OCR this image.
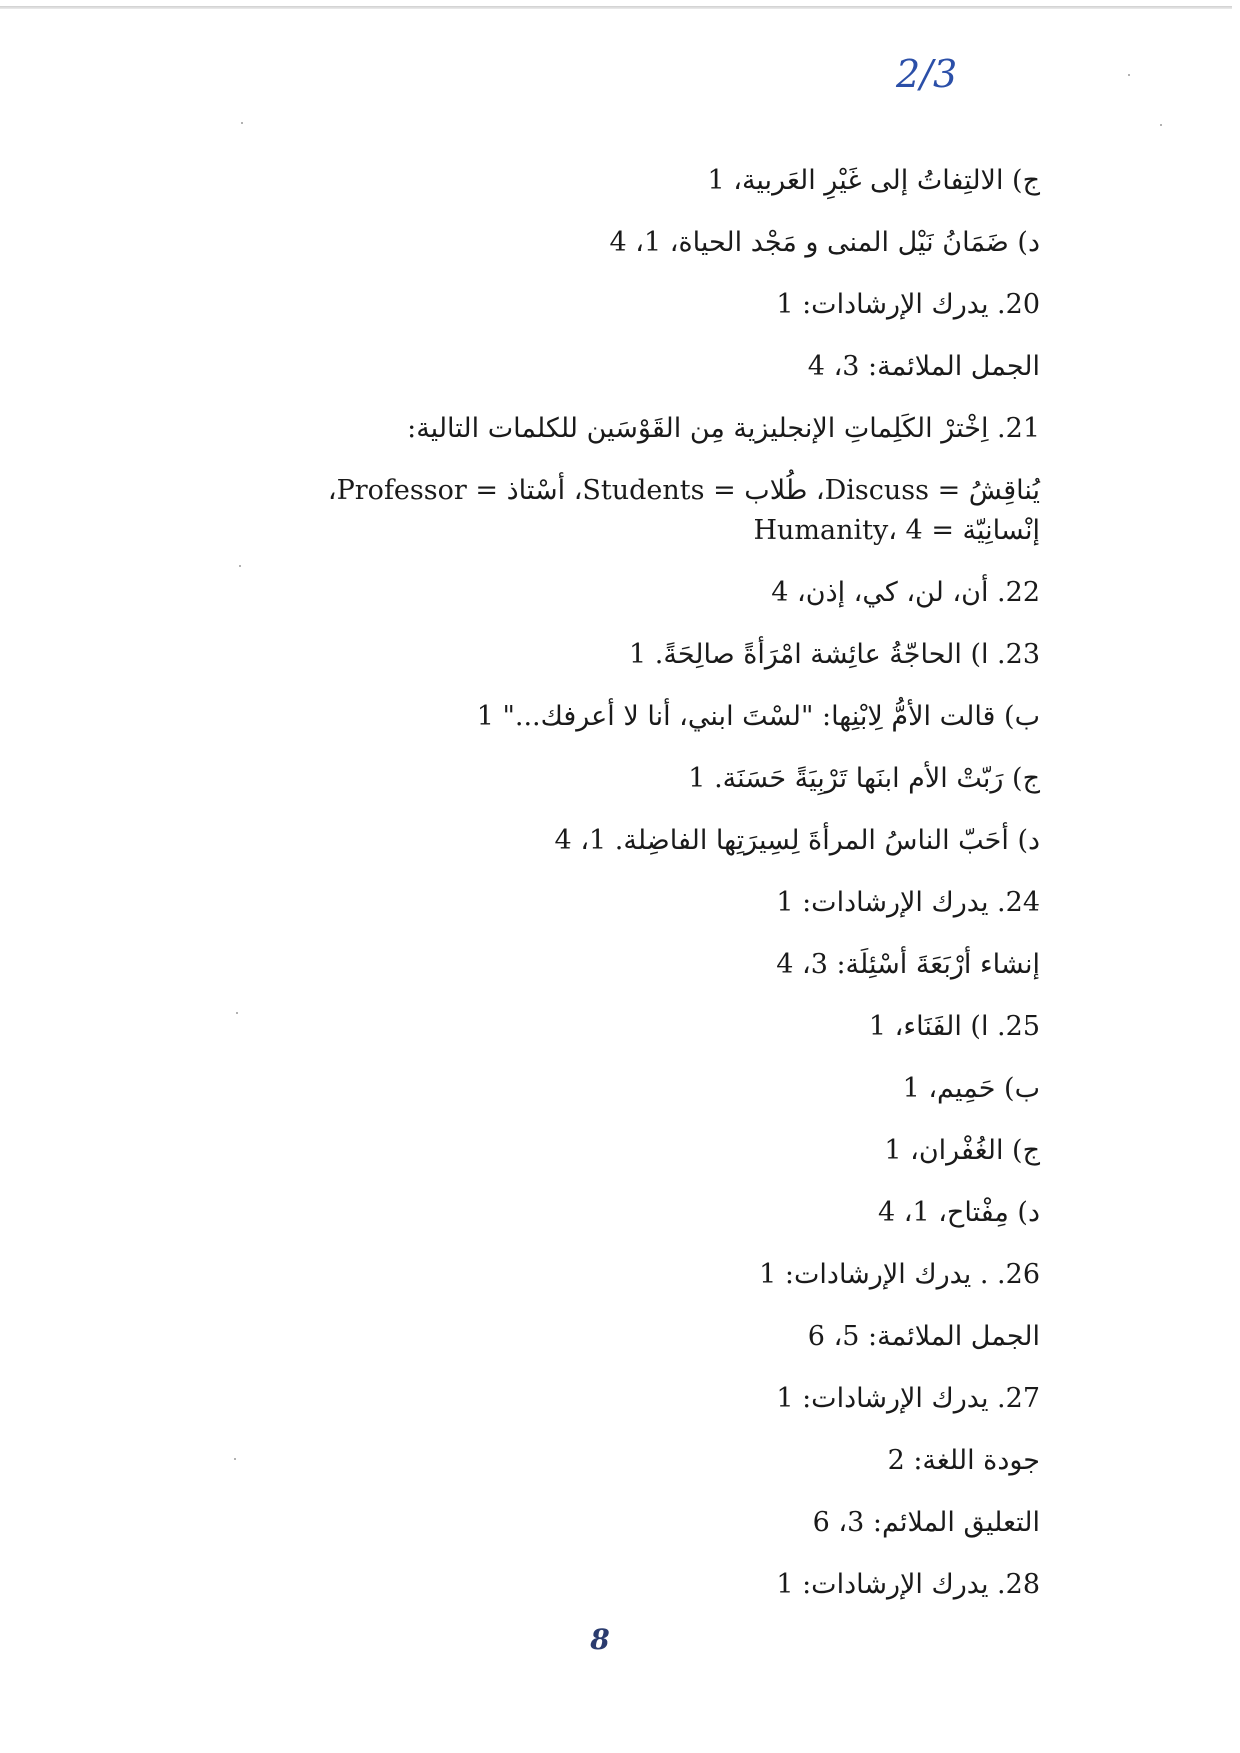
2/3
ج) الالتِفاتُ إلى غَيْرِ العَربية، 1
د) ضَمَانُ نَيْل المنى و مَجْد الحياة، 1، 4
20. يدرك الإرشادات: 1
الجمل الملائمة: 3، 4
21. اِخْترْ الكَلِماتِ الإنجليزية مِن القَوْسَين للكلمات التالية:
يُناقِشُ = Discuss، طُلاب = Students، أسْتاذ = Professor، إنْسانِيّة = Humanity، 4
22. أن، لن، كي، إذن، 4
23. ا) الحاجّةُ عائِشة امْرَأةً صالِحَةً. 1
ب) قالت الأمُّ لِابْنِها: "لسْتَ ابني، أنا لا أعرفك..." 1
ج) رَبّتْ الأم ابنَها تَرْبِيَةً حَسَنَة. 1
د) أحَبّ الناسُ المرأةَ لِسِيرَتِها الفاضِلة. 1، 4
24. يدرك الإرشادات: 1
إنشاء أرْبَعَةَ أسْئِلَة: 3، 4
25. ا) الفَنَاء، 1
ب) حَمِيم، 1
ج) الغُفْران، 1
د) مِفْتاح، 1، 4
26. . يدرك الإرشادات: 1
الجمل الملائمة: 5، 6
27. يدرك الإرشادات: 1
جودة اللغة: 2
التعليق الملائم: 3، 6
28. يدرك الإرشادات: 1
8
